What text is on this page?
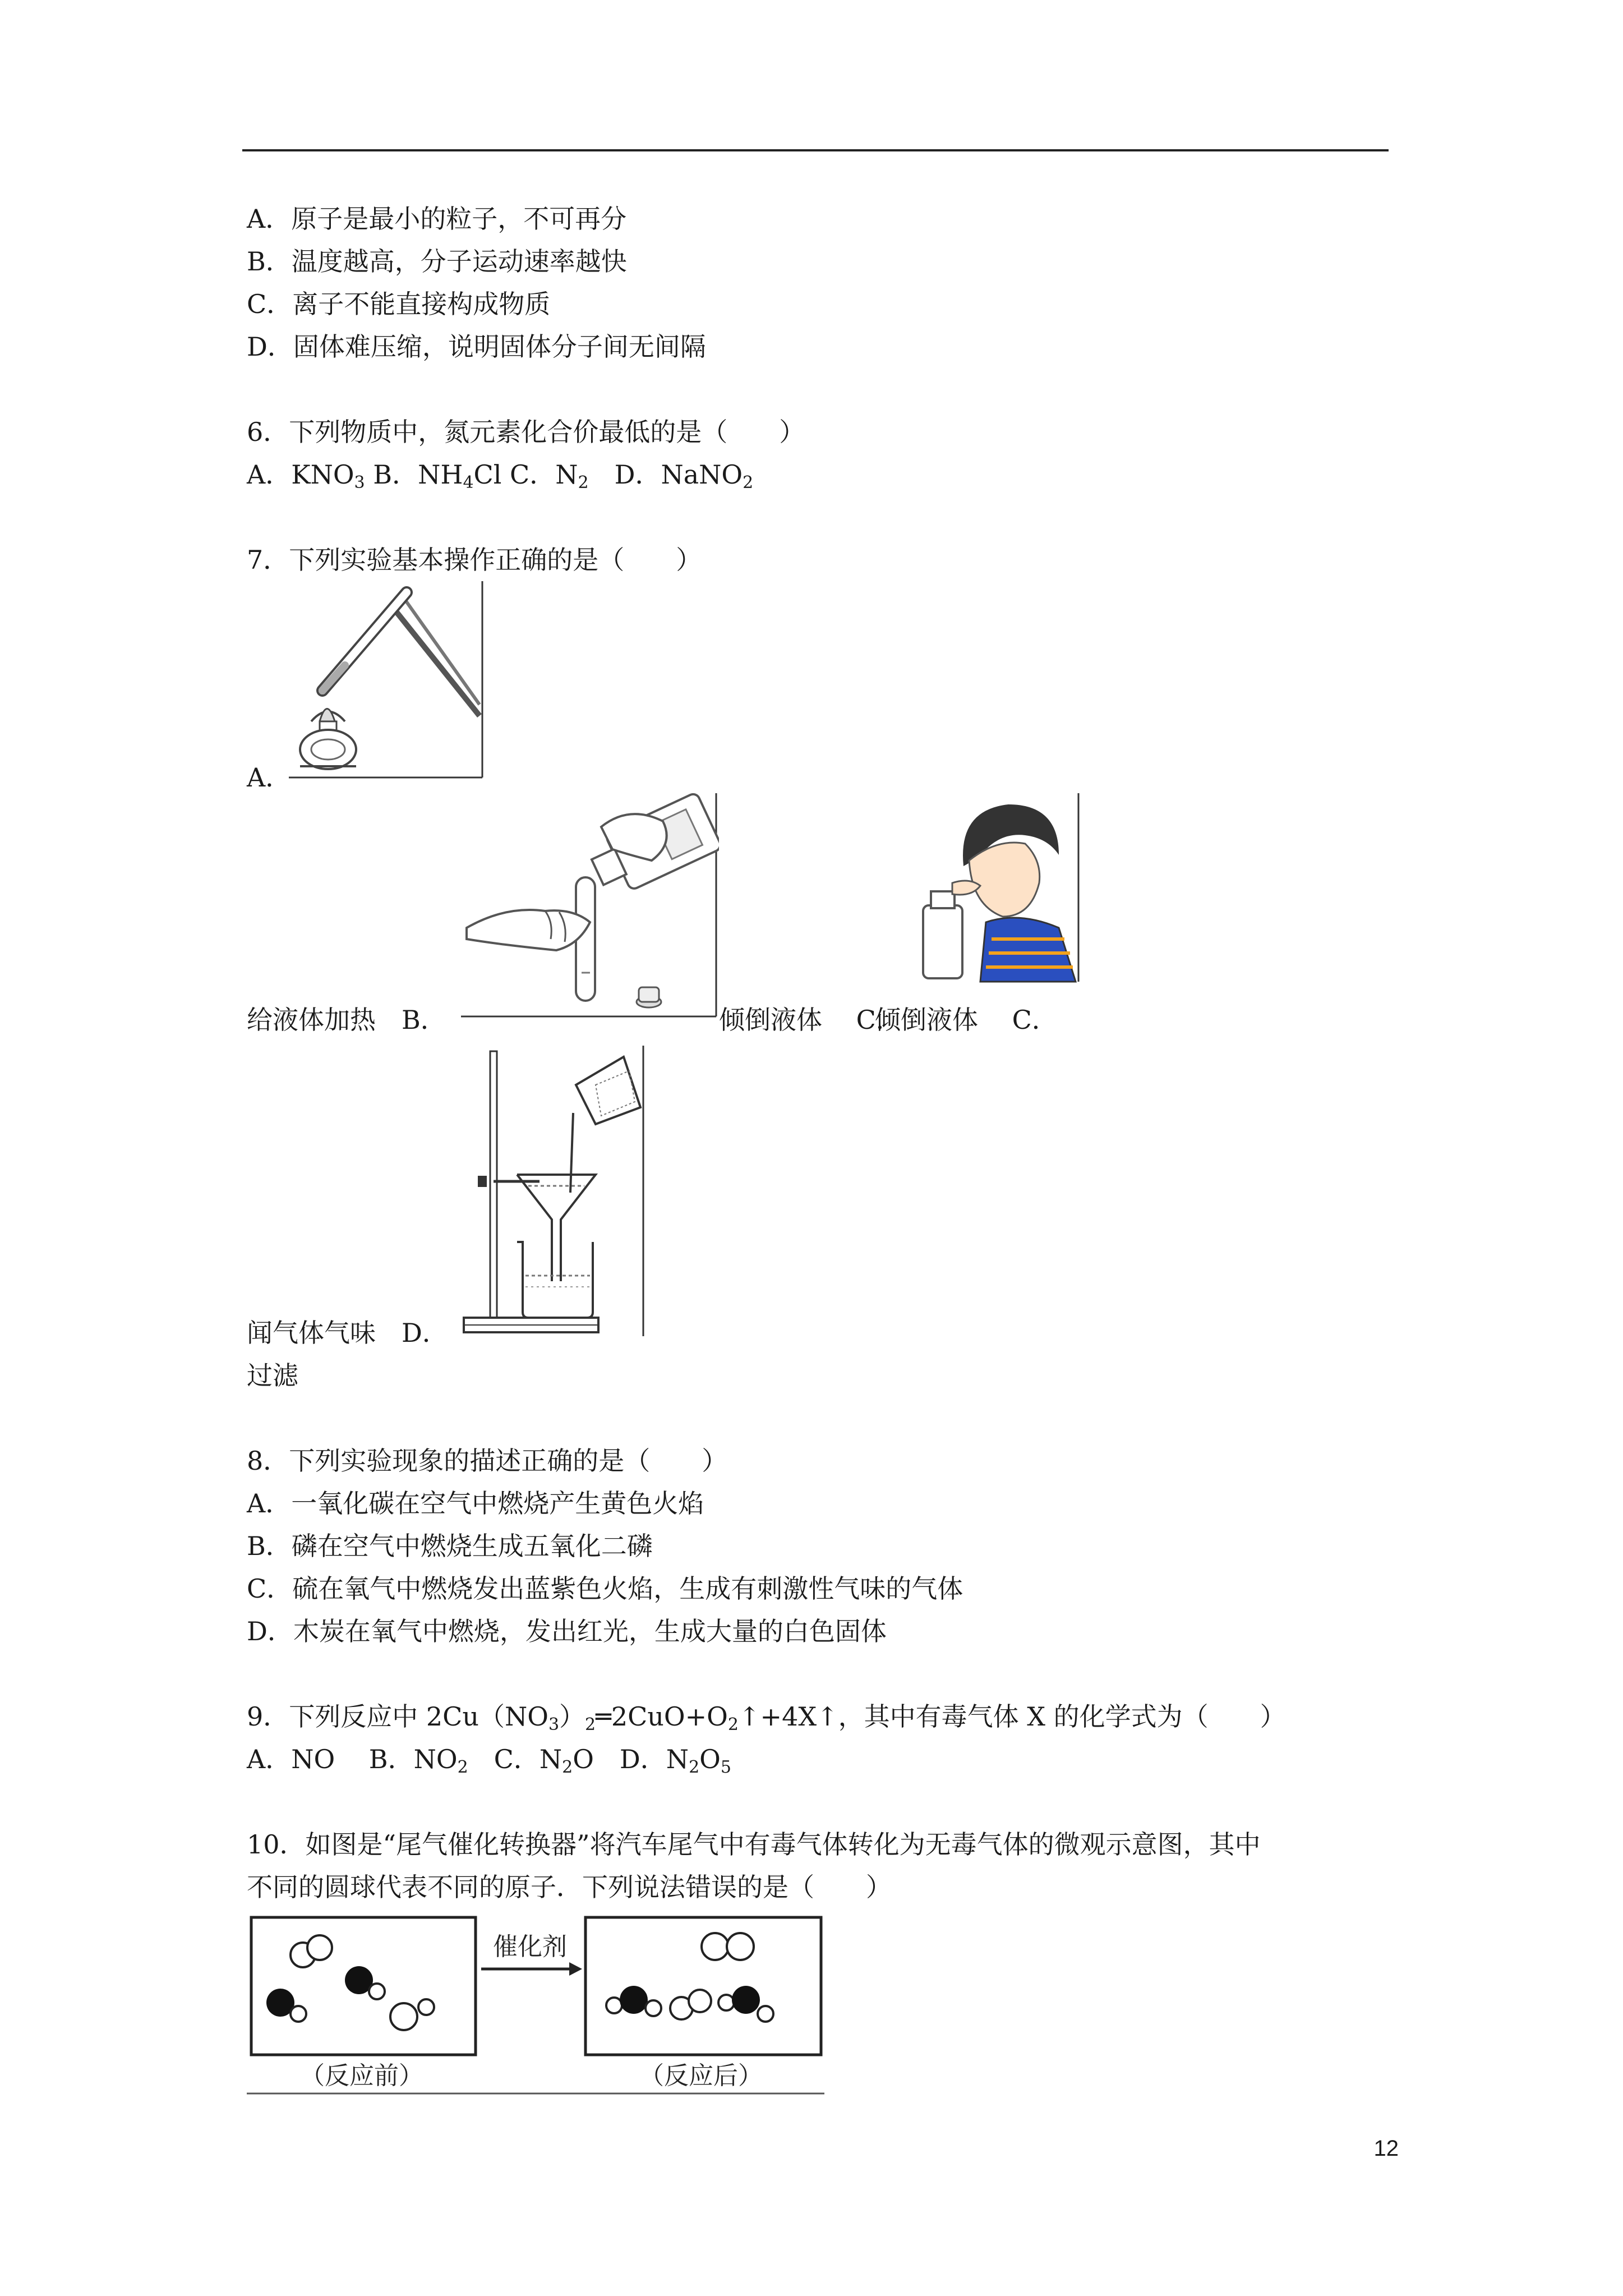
A．原子是最小的粒子，不可再分
B．温度越高，分子运动速率越快
C．离子不能直接构成物质
D．固体难压缩，说明固体分子间无间隔
6．下列物质中，氮元素化合价最低的是（　　）
A．$KNO_3$ B．$NH_4Cl$ C．$N_2$　D．NaNO$_2$
7．下列实验基本操作正确的是（　　）
A．
给液体加热　B．	倾倒液体　 C．
倾倒液体　 C．
闻气体气味　D．
过滤
8．下列实验现象的描述正确的是（　　）
A．一氧化碳在空气中燃烧产生黄色火焰
B．磷在空气中燃烧生成五氧化二磷
C．硫在氧气中燃烧发出蓝紫色火焰，生成有刺激性气味的气体
D．木炭在氧气中燃烧，发出红光，生成大量的白色固体
9．下列反应中 $2Cu(NO_3)_2═2CuO+O_2↑+4X↑$，其中有毒气体 X 的化学式为（　　）
A．NO　 B．$NO_2$　C．$N_2O$　D．$N_2O_5$
10．如图是“尾气催化转换器”将汽车尾气中有毒气体转化为无毒气体的微观示意图，其中
不同的圆球代表不同的原子．下列说法错误的是（　　）
催化剂
（反应前）	（反应后）
12
